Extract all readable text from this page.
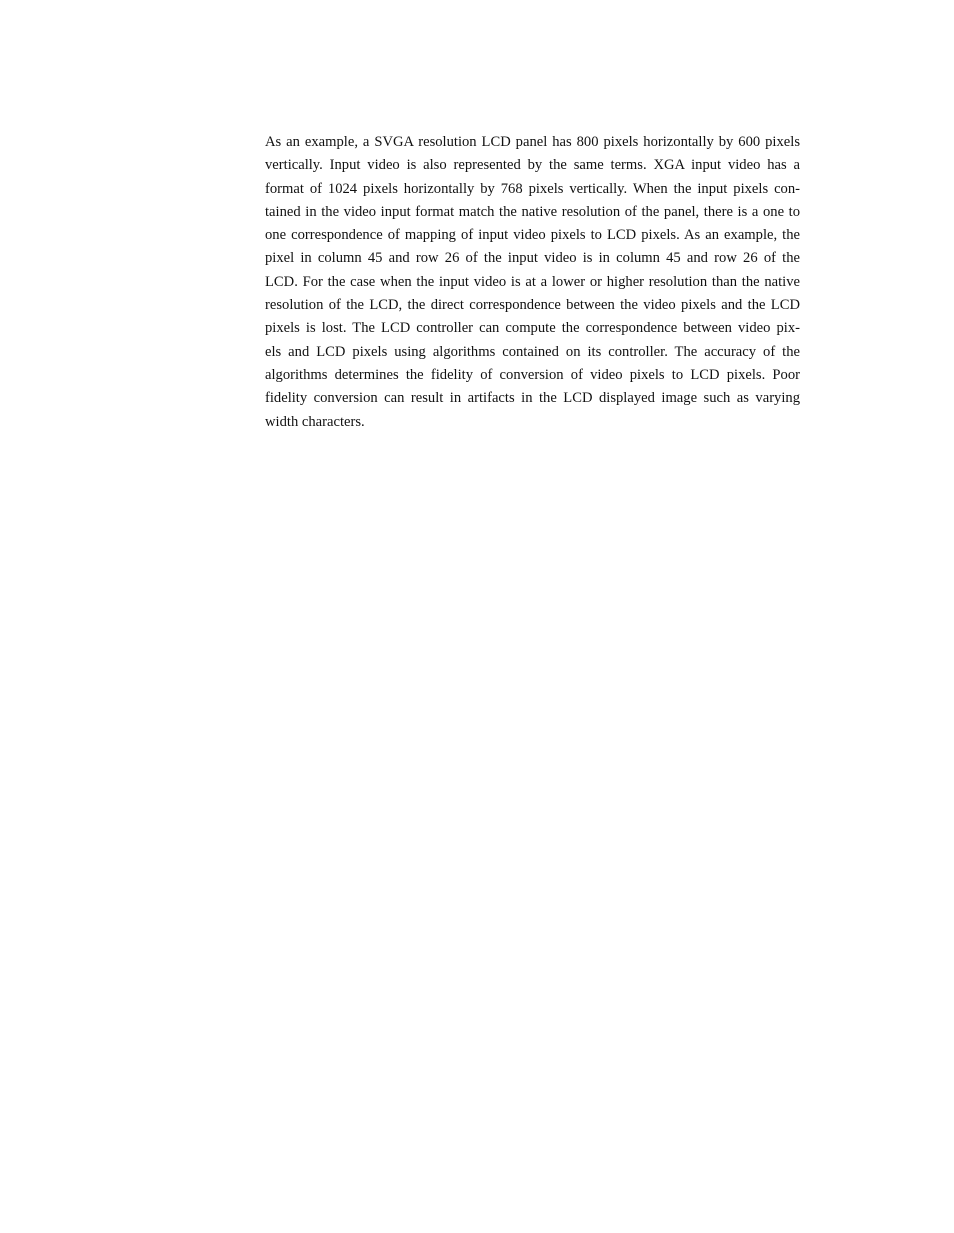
As an example, a SVGA resolution LCD panel has 800 pixels horizontally by 600 pixels
vertically. Input video is also represented by the same terms. XGA input video has a
format of 1024 pixels horizontally by 768 pixels vertically. When the input pixels con-
tained in the video input format match the native resolution of the panel, there is a one to
one correspondence of mapping of input video pixels to LCD pixels. As an example, the
pixel in column 45 and row 26 of the input video is in column 45 and row 26 of the
LCD. For the case when the input video is at a lower or higher resolution than the native
resolution of the LCD, the direct correspondence between the video pixels and the LCD
pixels is lost. The LCD controller can compute the correspondence between video pix-
els and LCD pixels using algorithms contained on its controller. The accuracy of the
algorithms determines the fidelity of conversion of video pixels to LCD pixels. Poor
fidelity conversion can result in artifacts in the LCD displayed image such as varying
width characters.
